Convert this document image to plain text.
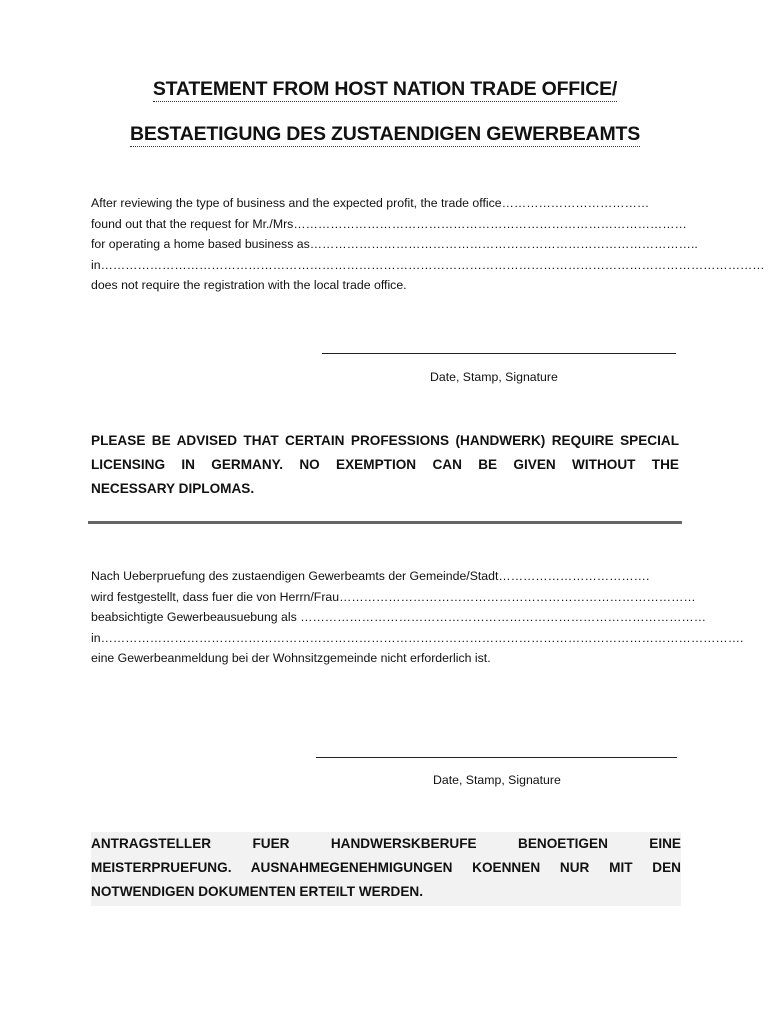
STATEMENT FROM HOST NATION TRADE OFFICE/
BESTAETIGUNG DES ZUSTAENDIGEN GEWERBEAMTS
After reviewing the type of business and the expected profit, the trade office………………………………
found out that the request for Mr./Mrs……………………………………………………………………………………
for operating a home based business as…………………………………………………………………………………..
in………………………………………………………………………………………………………………………………………………
does not require the registration with the local trade office.
Date, Stamp, Signature
PLEASE BE ADVISED THAT CERTAIN PROFESSIONS (HANDWERK) REQUIRE SPECIAL
LICENSING IN GERMANY. NO EXEMPTION CAN BE GIVEN WITHOUT THE
NECESSARY DIPLOMAS.
Nach Ueberpruefung des zustaendigen Gewerbeamts der Gemeinde/Stadt……………………………….
wird festgestellt, dass fuer die von Herrn/Frau……………………………………………………………………………
beabsichtigte Gewerbeausuebung als ………………………………………………………………………………………
in………………………………………………………………………………………………………………………………………….
eine Gewerbeanmeldung bei der Wohnsitzgemeinde nicht erforderlich ist.
Date, Stamp, Signature
ANTRAGSTELLER FUER HANDWERSKBERUFE BENOETIGEN EINE
MEISTERPRUEFUNG. AUSNAHMEGENEHMIGUNGEN KOENNEN NUR MIT DEN
NOTWENDIGEN DOKUMENTEN ERTEILT WERDEN.
